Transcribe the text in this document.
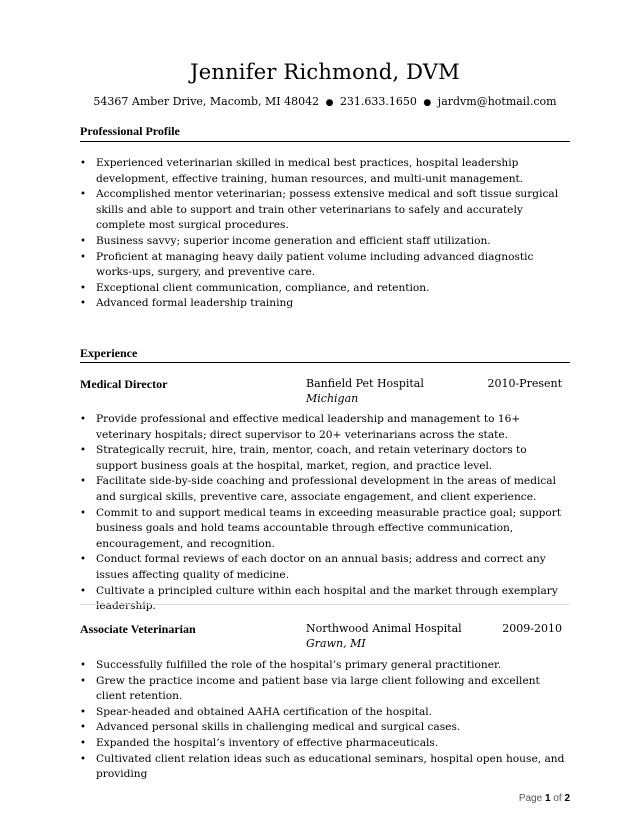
Jennifer Richmond, DVM
54367 Amber Drive, Macomb, MI 48042 ● 231.633.1650 ● jardvm@hotmail.com
Professional Profile
• Experienced veterinarian skilled in medical best practices, hospital leadership development, effective training, human resources, and multi-unit management.
• Accomplished mentor veterinarian; possess extensive medical and soft tissue surgical skills and able to support and train other veterinarians to safely and accurately complete most surgical procedures.
• Business savvy; superior income generation and efficient staff utilization.
• Proficient at managing heavy daily patient volume including advanced diagnostic works-ups, surgery, and preventive care.
• Exceptional client communication, compliance, and retention.
• Advanced formal leadership training
Experience
Medical Director	Banfield Pet Hospital	2010-Present
Michigan
• Provide professional and effective medical leadership and management to 16+ veterinary hospitals; direct supervisor to 20+ veterinarians across the state.
• Strategically recruit, hire, train, mentor, coach, and retain veterinary doctors to support business goals at the hospital, market, region, and practice level.
• Facilitate side-by-side coaching and professional development in the areas of medical and surgical skills, preventive care, associate engagement, and client experience.
• Commit to and support medical teams in exceeding measurable practice goal; support business goals and hold teams accountable through effective communication, encouragement, and recognition.
• Conduct formal reviews of each doctor on an annual basis; address and correct any issues affecting quality of medicine.
• Cultivate a principled culture within each hospital and the market through exemplary leadership.
Associate Veterinarian	Northwood Animal Hospital	2009-2010
Grawn, MI
• Successfully fulfilled the role of the hospital’s primary general practitioner.
• Grew the practice income and patient base via large client following and excellent client retention.
• Spear-headed and obtained AAHA certification of the hospital.
• Advanced personal skills in challenging medical and surgical cases.
• Expanded the hospital’s inventory of effective pharmaceuticals.
• Cultivated client relation ideas such as educational seminars, hospital open house, and providing
Page 1 of 2
